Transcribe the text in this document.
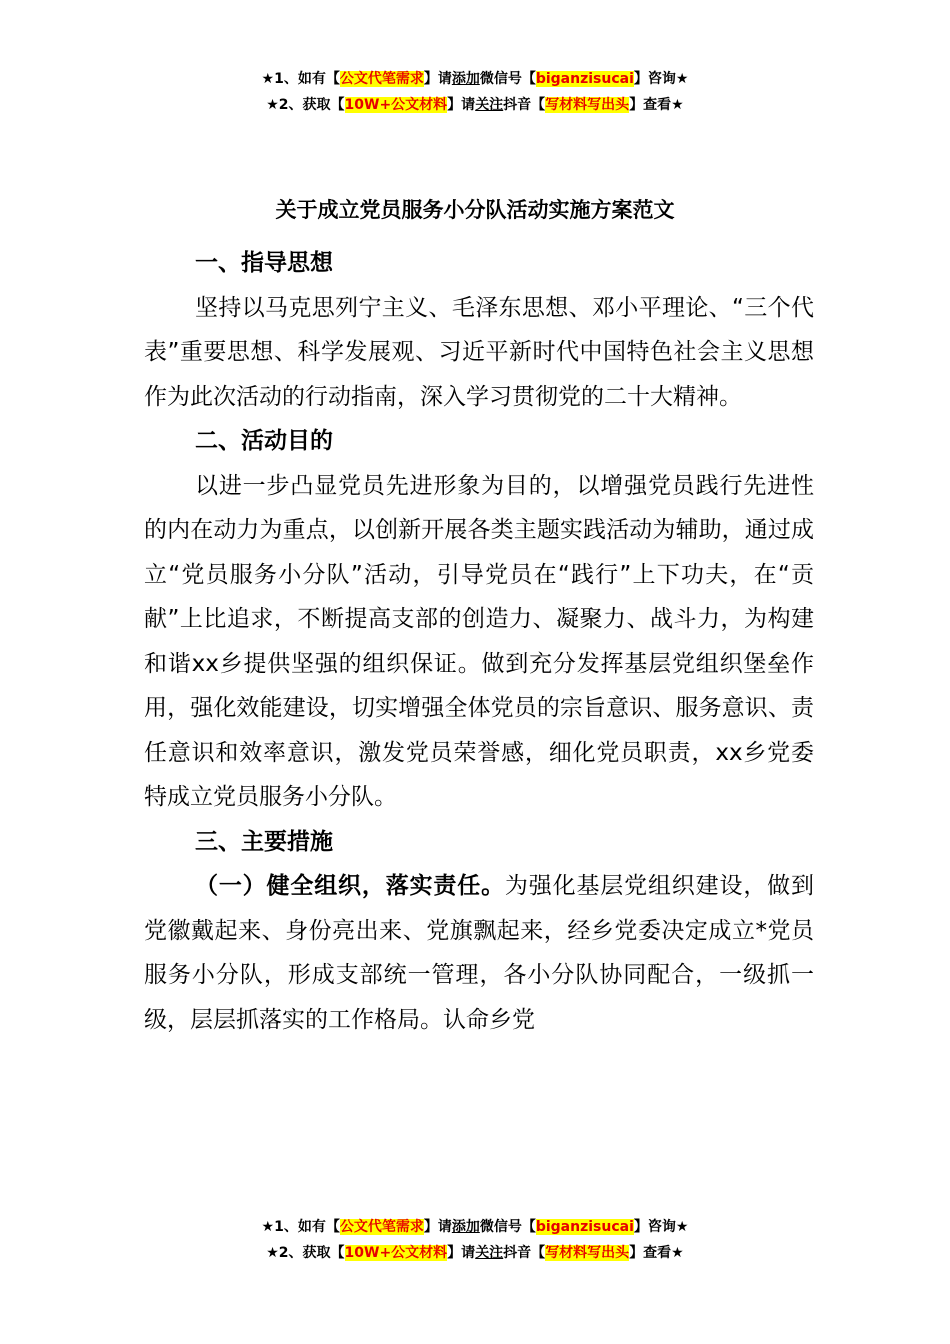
★1、如有【公文代笔需求】请添加微信号【biganzisucai】咨询★
★2、获取【10W+公文材料】请关注抖音【写材料写出头】查看★
关于成立党员服务小分队活动实施方案范文

一、指导思想

坚持以马克思列宁主义、毛泽东思想、邓小平理论、“三个代表”重要思想、科学发展观、习近平新时代中国特色社会主义思想作为此次活动的行动指南，深入学习贯彻党的二十大精神。

二、活动目的

以进一步凸显党员先进形象为目的，以增强党员践行先进性的内在动力为重点，以创新开展各类主题实践活动为辅助，通过成立“党员服务小分队”活动，引导党员在“践行”上下功夫，在“贡献”上比追求，不断提高支部的创造力、凝聚力、战斗力，为构建和谐xx乡提供坚强的组织保证。做到充分发挥基层党组织堡垒作用，强化效能建设，切实增强全体党员的宗旨意识、服务意识、责任意识和效率意识，激发党员荣誉感，细化党员职责，xx乡党委特成立党员服务小分队。

三、主要措施

（一）健全组织，落实责任。为强化基层党组织建设，做到党徽戴起来、身份亮出来、党旗飘起来，经乡党委决定成立*党员服务小分队，形成支部统一管理，各小分队协同配合，一级抓一级，层层抓落实的工作格局。认命乡党

★1、如有【公文代笔需求】请添加微信号【biganzisucai】咨询★
★2、获取【10W+公文材料】请关注抖音【写材料写出头】查看★
